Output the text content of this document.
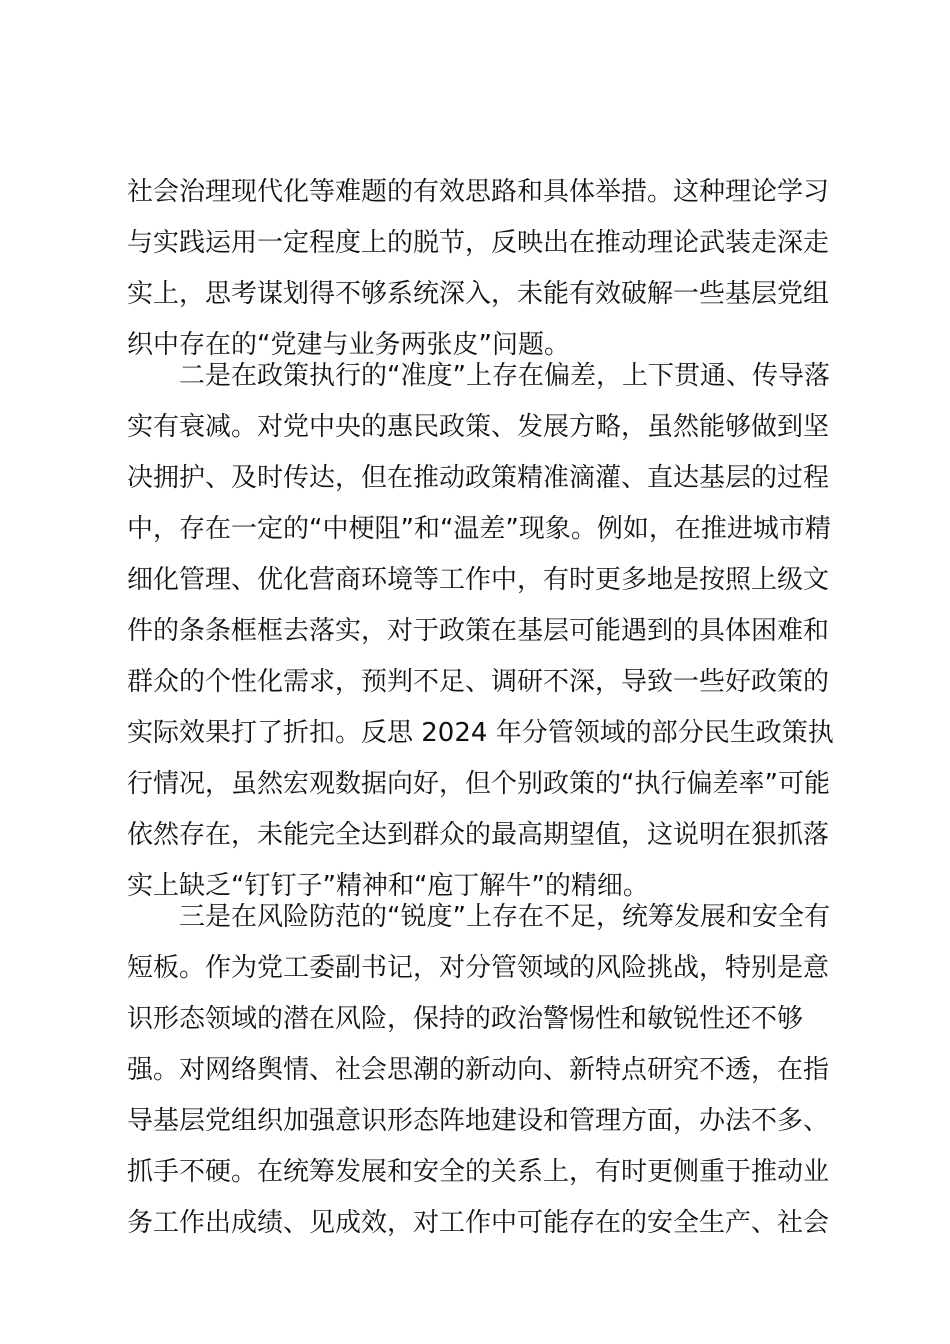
社会治理现代化等难题的有效思路和具体举措。这种理论学习
与实践运用一定程度上的脱节，反映出在推动理论武装走深走
实上，思考谋划得不够系统深入，未能有效破解一些基层党组
织中存在的“党建与业务两张皮”问题。
二是在政策执行的“准度”上存在偏差，上下贯通、传导落
实有衰减。对党中央的惠民政策、发展方略，虽然能够做到坚
决拥护、及时传达，但在推动政策精准滴灌、直达基层的过程
中，存在一定的“中梗阻”和“温差”现象。例如，在推进城市精
细化管理、优化营商环境等工作中，有时更多地是按照上级文
件的条条框框去落实，对于政策在基层可能遇到的具体困难和
群众的个性化需求，预判不足、调研不深，导致一些好政策的
实际效果打了折扣。反思 2024 年分管领域的部分民生政策执
行情况，虽然宏观数据向好，但个别政策的“执行偏差率”可能
依然存在，未能完全达到群众的最高期望值，这说明在狠抓落
实上缺乏“钉钉子”精神和“庖丁解牛”的精细。
三是在风险防范的“锐度”上存在不足，统筹发展和安全有
短板。作为党工委副书记，对分管领域的风险挑战，特别是意
识形态领域的潜在风险，保持的政治警惕性和敏锐性还不够
强。对网络舆情、社会思潮的新动向、新特点研究不透，在指
导基层党组织加强意识形态阵地建设和管理方面，办法不多、
抓手不硬。在统筹发展和安全的关系上，有时更侧重于推动业
务工作出成绩、见成效，对工作中可能存在的安全生产、社会
